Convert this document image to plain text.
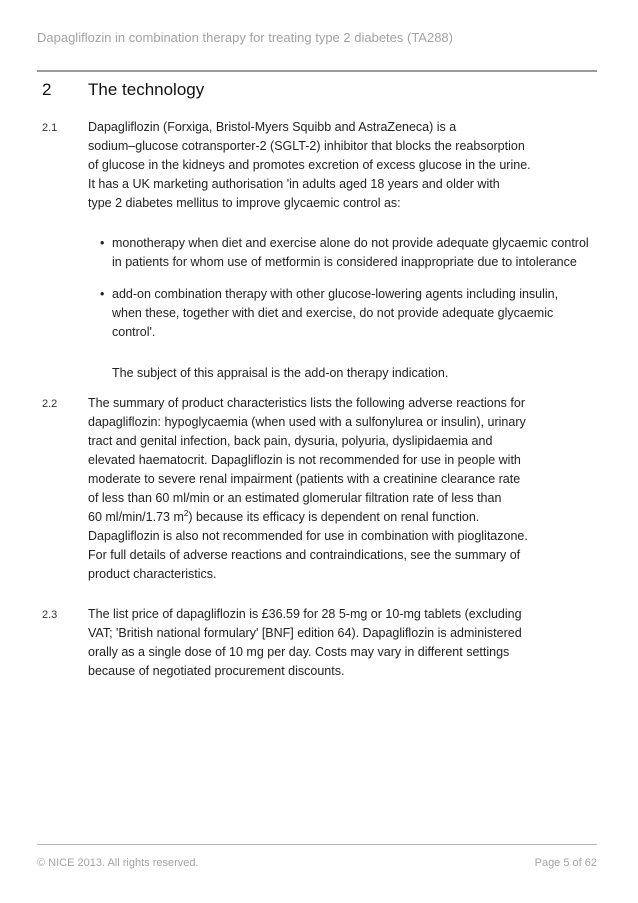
Dapagliflozin in combination therapy for treating type 2 diabetes (TA288)
2 The technology
2.1 Dapagliflozin (Forxiga, Bristol-Myers Squibb and AstraZeneca) is a
sodium–glucose cotransporter-2 (SGLT-2) inhibitor that blocks the reabsorption
of glucose in the kidneys and promotes excretion of excess glucose in the urine.
It has a UK marketing authorisation 'in adults aged 18 years and older with
type 2 diabetes mellitus to improve glycaemic control as:
• monotherapy when diet and exercise alone do not provide adequate glycaemic control
in patients for whom use of metformin is considered inappropriate due to intolerance
• add-on combination therapy with other glucose-lowering agents including insulin,
when these, together with diet and exercise, do not provide adequate glycaemic
control'.
The subject of this appraisal is the add-on therapy indication.
2.2 The summary of product characteristics lists the following adverse reactions for
dapagliflozin: hypoglycaemia (when used with a sulfonylurea or insulin), urinary
tract and genital infection, back pain, dysuria, polyuria, dyslipidaemia and
elevated haematocrit. Dapagliflozin is not recommended for use in people with
moderate to severe renal impairment (patients with a creatinine clearance rate
of less than 60 ml/min or an estimated glomerular filtration rate of less than
60 ml/min/1.73 $m^2$) because its efficacy is dependent on renal function.
Dapagliflozin is also not recommended for use in combination with pioglitazone.
For full details of adverse reactions and contraindications, see the summary of
product characteristics.
2.3 The list price of dapagliflozin is £36.59 for 28 5-mg or 10-mg tablets (excluding
VAT; 'British national formulary' [BNF] edition 64). Dapagliflozin is administered
orally as a single dose of 10 mg per day. Costs may vary in different settings
because of negotiated procurement discounts.
© NICE 2013. All rights reserved.	Page 5 of 62
